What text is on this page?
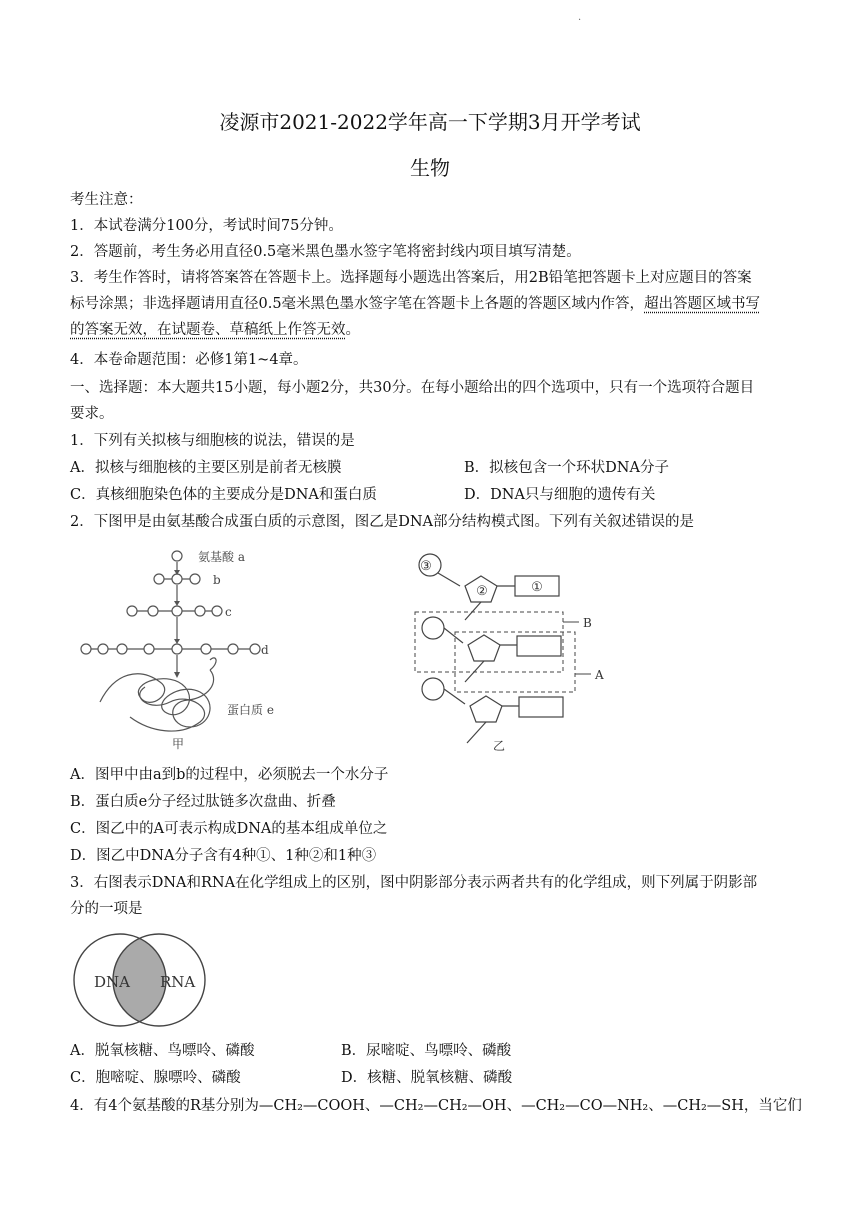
.
凌源市2021-2022学年高一下学期3月开学考试
生物
考生注意：
1．本试卷满分100分，考试时间75分钟。
2．答题前，考生务必用直径0.5毫米黑色墨水签字笔将密封线内项目填写清楚。
3．考生作答时，请将答案答在答题卡上。选择题每小题选出答案后，用2B铅笔把答题卡上对应题目的答案
标号涂黑；非选择题请用直径0.5毫米黑色墨水签字笔在答题卡上各题的答题区域内作答，超出答题区域书写
的答案无效，在试题卷、草稿纸上作答无效。
4．本卷命题范围：必修1第1~4章。
一、选择题：本大题共15小题，每小题2分，共30分。在每小题给出的四个选项中，只有一个选项符合题目
要求。
1．下列有关拟核与细胞核的说法，错误的是
A．拟核与细胞核的主要区别是前者无核膜	B．拟核包含一个环状DNA分子
C．真核细胞染色体的主要成分是DNA和蛋白质	D．DNA只与细胞的遗传有关
2．下图甲是由氨基酸合成蛋白质的示意图，图乙是DNA部分结构模式图。下列有关叙述错误的是
氨基酸 a
b
c
d
蛋白质 e
甲
③
②	①
B
A
乙
A．图甲中由a到b的过程中，必须脱去一个水分子
B．蛋白质e分子经过肽链多次盘曲、折叠
C．图乙中的A可表示构成DNA的基本组成单位之
D．图乙中DNA分子含有4种①、1种②和1种③
3．右图表示DNA和RNA在化学组成上的区别，图中阴影部分表示两者共有的化学组成，则下列属于阴影部
分的一项是
DNA RNA
A．脱氧核糖、鸟嘌呤、磷酸	B．尿嘧啶、鸟嘌呤、磷酸
C．胞嘧啶、腺嘌呤、磷酸	D．核糖、脱氧核糖、磷酸
4．有4个氨基酸的R基分别为—CH₂—COOH、—CH₂—CH₂—OH、—CH₂—CO—NH₂、—CH₂—SH，当它们
